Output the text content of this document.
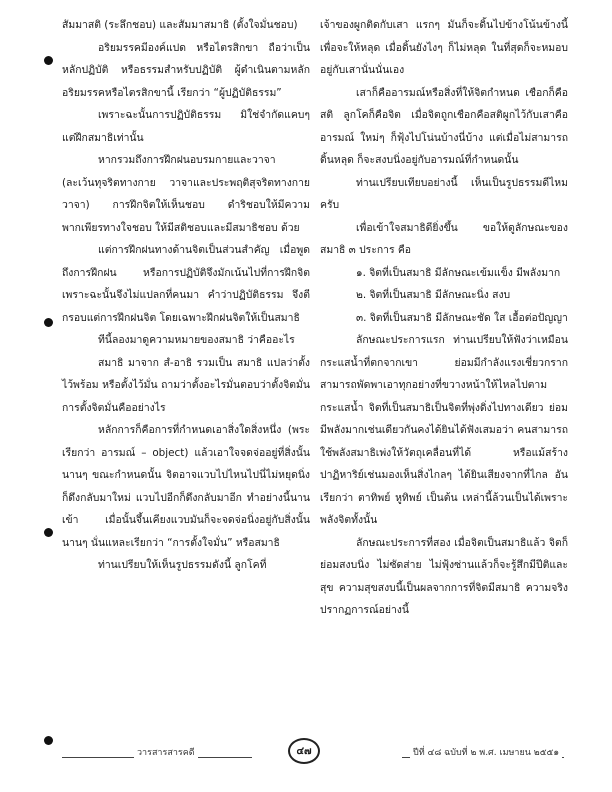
สัมมาสติ (ระลึกชอบ) และสัมมาสมาธิ (ตั้งใจมั่นชอบ)

อริยมรรคมีองค์แปด หรือไตรสิกขา ถือว่าเป็นหลักปฏิบัติ หรือธรรมสำหรับปฏิบัติ ผู้ดำเนินตามหลักอริยมรรคหรือไตรสิกขานี้ เรียกว่า “ผู้ปฏิบัติธรรม”

เพราะฉะนั้นการปฏิบัติธรรม มิใช่จำกัดแคบๆ แต่ฝึกสมาธิเท่านั้น

หากรวมถึงการฝึกฝนอบรมกายและวาจา (ละเว้นทุจริตทางกาย วาจาและประพฤติสุจริตทางกาย วาจา) การฝึกจิตให้เห็นชอบ ดำริชอบให้มีความพากเพียรทางใจชอบ ให้มีสติชอบและมีสมาธิชอบ ด้วย

แต่การฝึกฝนทางด้านจิตเป็นส่วนสำคัญ เมื่อพูดถึงการฝึกฝน หรือการปฏิบัติจึงมักเน้นไปที่การฝึกจิต เพราะฉะนั้นจึงไม่แปลกที่คนมา คำว่าปฏิบัติธรรม จึงตีกรอบแต่การฝึกฝนจิต โดยเฉพาะฝึกฝนจิตให้เป็นสมาธิ

ทีนี้ลองมาดูความหมายของสมาธิ ว่าคืออะไร

สมาธิ มาจาก สํ-อาธิ รวมเป็น สมาธิ แปลว่าตั้งไว้พร้อม หรือตั้งไว้มั่น ถามว่าตั้งอะไรมั่นตอบว่าตั้งจิตมั่น การตั้งจิตมั่นคืออย่างไร

หลักการก็คือการที่กำหนดเอาสิ่งใดสิ่งหนึ่ง (พระเรียกว่า อารมณ์ – object) แล้วเอาใจจดจ่ออยู่ที่สิ่งนั้นนานๆ ขณะกำหนดนั้น จิตอาจแวบไปไหนไปนี่ไม่หยุดนิ่ง ก็ดึงกลับมาใหม่ แวบไปอีกก็ดึงกลับมาอีก ทำอย่างนี้นานเข้า เมื่อนั้นจึ้นเคียงแวบมันก็จะจดจ่อนิ่งอยู่กับสิ่งนั้นนานๆ นั่นแหละเรียกว่า “การตั้งใจมั่น” หรือสมาธิ

ท่านเปรียบให้เห็นรูปธรรมดังนี้ ลูกโคที่

เจ้าของผูกติดกับเสา แรกๆ มันก็จะดิ้นไปข้างโน้นข้างนี้ เพื่อจะให้หลุด เมื่อดิ้นยังไงๆ ก็ไม่หลุด ในที่สุดก็จะหมอบอยู่กับเสานั่นนั่นเอง

เสาก็คืออารมณ์หรือสิ่งที่ให้จิตกำหนด เชือกก็คือสติ ลูกโคก็คือจิต เมื่อจิตถูกเชือกคือสติผูกไว้กับเสาคืออารมณ์ ใหม่ๆ ก็ฟุ้งไปโน่นบ้างนี่บ้าง แต่เมื่อไม่สามารถดิ้นหลุด ก็จะสงบนิ่งอยู่กับอารมณ์ที่กำหนดนั้น

ท่านเปรียบเทียบอย่างนี้ เห็นเป็นรูปธรรมดีไหมครับ

เพื่อเข้าใจสมาธิดียิ่งขึ้น ขอให้ดูลักษณะของสมาธิ ๓ ประการ คือ

๑. จิตที่เป็นสมาธิ มีลักษณะเข้มแข็ง มีพลังมาก

๒. จิตที่เป็นสมาธิ มีลักษณะนิ่ง สงบ

๓. จิตที่เป็นสมาธิ มีลักษณะชัด ใส เอื้อต่อปัญญา

ลักษณะประการแรก ท่านเปรียบให้ฟังว่าเหมือนกระแสน้ำที่ตกจากเขา ย่อมมีกำลังแรงเชี่ยวกราก สามารถพัดพาเอาทุกอย่างที่ขวางหน้าให้ไหลไปตามกระแสน้ำ จิตที่เป็นสมาธิเป็นจิตที่พุ่งดิ่งไปทางเดียว ย่อมมีพลังมากเช่นเดียวกันคงได้ยินได้ฟังเสมอว่า คนสามารถใช้พลังสมาธิเพ่งให้วัตถุเคลื่อนที่ได้ หรือแม้สร้างปาฏิหาริย์เช่นมองเห็นสิ่งไกลๆ ได้ยินเสียงจากที่ไกล อันเรียกว่า ตาทิพย์ หูทิพย์ เป็นต้น เหล่านี้ล้วนเป็นได้เพราะพลังจิตทั้งนั้น

ลักษณะประการที่สอง เมื่อจิตเป็นสมาธิแล้ว จิตก็ย่อมสงบนิ่ง ไม่ซัดส่าย ไม่ฟุ้งซ่านแล้วก็จะรู้สึกมีปีติและสุข ความสุขสงบนี้เป็นผลจากการที่จิตมีสมาธิ ความจริงปรากฏการณ์อย่างนี้

วารสารสารคดี	ปีที่ ๔๘ ฉบับที่ ๒ พ.ศ. เมษายน ๒๕๕๑
๔๗
